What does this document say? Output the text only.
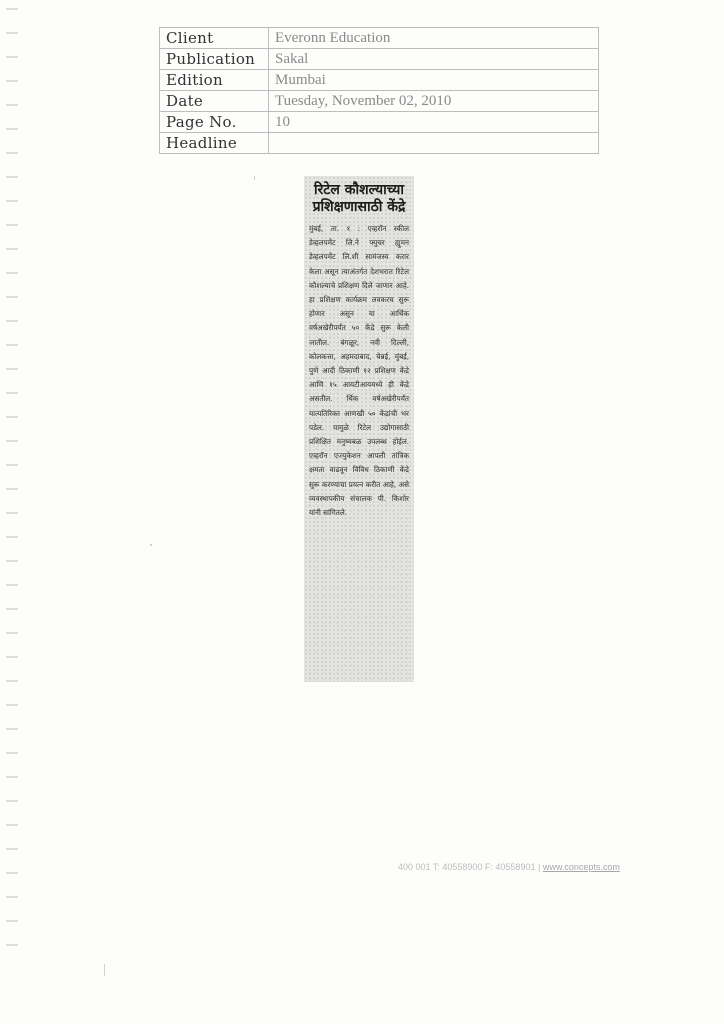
Client	Everonn Education
Publication	Sakal
Edition	Mumbai
Date	Tuesday, November 02, 2010
Page No.	10
Headline	
रिटेल कौशल्याच्या प्रशिक्षणासाठी केंद्रे
मुंबई, ता. १ : एव्हरॉन स्कील डेव्हलपमेंट लि.ने फ्युचर ह्युमन डेव्हलपमेंट लि.शी सामंजस्य करार केला असून त्याअंतर्गत देशभरात रिटेल कौशल्याचे प्रशिक्षण दिले जाणार आहे. हा प्रशिक्षण कार्यक्रम लवकरच सुरू होणार असून या आर्थिक वर्षअखेरीपर्यंत ५० केंद्रे सुरू केली जातील. बंगळूर, नवी दिल्ली, कोलकत्ता, अहमदाबाद, चेन्नई, मुंबई, पुणे आदी ठिकाणी १२ प्रशिक्षण केंद्रे आणि १५ आयटीआयमध्ये ही केंद्रे असतील. र्थिक वर्षअखेरीपर्यंत यात्यतिरिक्त आणखी ५० केंद्रांची भर पडेल. यामुळे रिटेल उद्योगासाठी प्रशिक्षित मनुष्यबळ उपलब्ध होईल. एव्हरॉन एज्युकेशन आपली तांत्रिक क्षमता वाढवून विविध ठिकाणी केंद्रे सुरू करण्याचा प्रयत्न करीत आहे, असे व्यवस्थापकीय संचालक पी. किशोर यांनी सांगितले.
400 001 T: 40558900 F: 40558901 | www.concepts.com
